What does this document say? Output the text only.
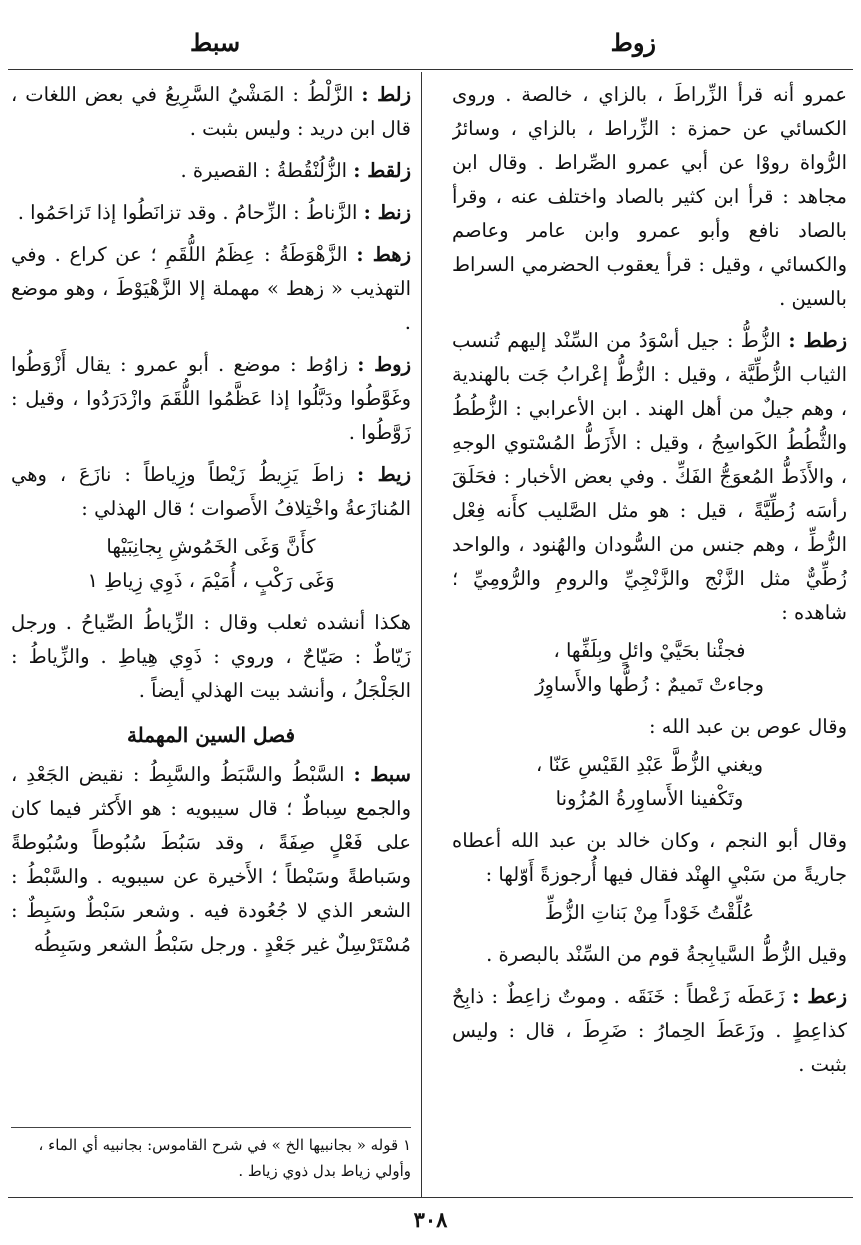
زوط
سبط

عمرو أنه قرأ الزِّراطَ ، بالزاي ، خالصة . وروى الكسائي عن حمزة : الزِّراط ، بالزاي ، وسائرُ الرُّواة رووْا عن أبي عمرو الصِّراط . وقال ابن مجاهد : قرأ ابن كثير بالصاد واختلف عنه ، وقرأ بالصاد نافع وأبو عمرو وابن عامر وعاصم والكسائي ، وقيل : قرأ يعقوب الحضرمي السراط بالسين .

زطط : الزُّطُّ : جيل أسْوَدُ من السِّنْد إليهم تُنسب الثياب الزُّطِّيَّة ، وقيل : الزُّطُّ إعْرابُ جَت بالهندية ، وهم جيلٌ من أهل الهند . ابن الأعرابي : الزُّطُطُ والثُّطُطُ الكَواسِجُ ، وقيل : الأَزَطُّ المُسْتوي الوجهِ ، والأَذَطُّ المُعوَجُّ الفَكِّ . وفي بعض الأخبار : فحَلَقَ رأسَه زُطِّيَّةً ، قيل : هو مثل الصَّليب كأَنه فِعْل الزُّطِّ ، وهم جنس من السُّودان والهُنود ، والواحد زُطِّيٌّ مثل الزَّنْج والزَّنْجِيِّ والرومِ والرُّومِيِّ ؛ شاهده :
فجئْنا بحَيَّيْ وائلٍ وبِلَفِّها ،
وجاءتْ تَميمٌ : زُطُّها والأَساوِرُ
وقال عوص بن عبد الله :
ويغني الزُّطَّ عَبْدِ القَيْسِ عَنّا ،
وتَكْفينا الأَساوِرةُ المُزُونا
وقال أبو النجم ، وكان خالد بن عبد الله أعطاه جاريةً من سَبْيِ الهِنْد فقال فيها أُرجوزةً أَوّلها :
عُلِّقْتُ خَوْداً مِنْ بَناتِ الزُّطِّ
وقيل الزُّطُّ السَّيابِجةُ قوم من السِّنْد بالبصرة .
زعط : زَعَطَه زَعْطاً : خَنَقَه . وموتٌ زاعِطٌ : ذابِحٌ كذاعِطٍ . وزَعَطَ الحِمارُ : ضَرِطَ ، قال : وليس بثبت .
زلط : الزَّلْطُ : المَشْيُ السَّرِيعُ في بعض اللغات ، قال ابن دريد : وليس بثبت .
زلقط : الزُّلُنْقُطةُ : القصيرة .
زنط : الزَّناطُ : الزِّحامُ . وقد تزانَطُوا إذا تَزاحَمُوا .
زهط : الزَّهْوَطَةُ : عِظَمُ اللُّقَمِ ؛ عن كراع . وفي التهذيب « زهط » مهملة إلا الزَّهْيَوْطَ ، وهو موضع .
زوط : زاوُط : موضع . أبو عمرو : يقال أَزْوَطُوا وغَوَّطُوا ودَبَّلُوا إذا عَظَّمُوا اللُّقَمَ وازْدَرَدُوا ، وقيل : زَوَّطُوا .
زيط : زاطَ يَزِيطُ زَيْطاً وزِياطاً : نازَعَ ، وهي المُنازَعةُ واخْتِلافُ الأَصوات ؛ قال الهذلي :
كأَنَّ وَغَى الخَمُوشِ بِجانِبَيْها
وَغَى رَكْبٍ ، أُمَيْمَ ، ذَوِي زِياطِ ١
هكذا أنشده ثعلب وقال : الزِّياطُ الصِّياحُ . ورجل زَيّاطٌ : صَيّاحٌ ، وروي : ذَوِي هِياطِ . والزِّياطُ : الجَلْجَلُ ، وأنشد بيت الهذلي أيضاً .
فصل السين المهملة
سبط : السَّبْطُ والسَّبَطُ والسَّبِطُ : نقيض الجَعْدِ ، والجمع سِباطٌ ؛ قال سيبويه : هو الأَكثر فيما كان على فَعْلٍ صِفَةً ، وقد سَبُطَ سُبُوطاً وسُبُوطةً وسَباطةً وسَبْطاً ؛ الأَخيرة عن سيبويه . والسَّبْطُ : الشعر الذي لا جُعُودة فيه . وشعر سَبْطٌ وسَبِطٌ : مُسْتَرْسِلٌ غير جَعْدٍ . ورجل سَبْطُ الشعر وسَبِطُه
١ قوله « بجانبيها الخ » في شرح القاموس: بجانبيه أي الماء ، وأولي زياط بدل ذوي زياط .
٣٠٨
